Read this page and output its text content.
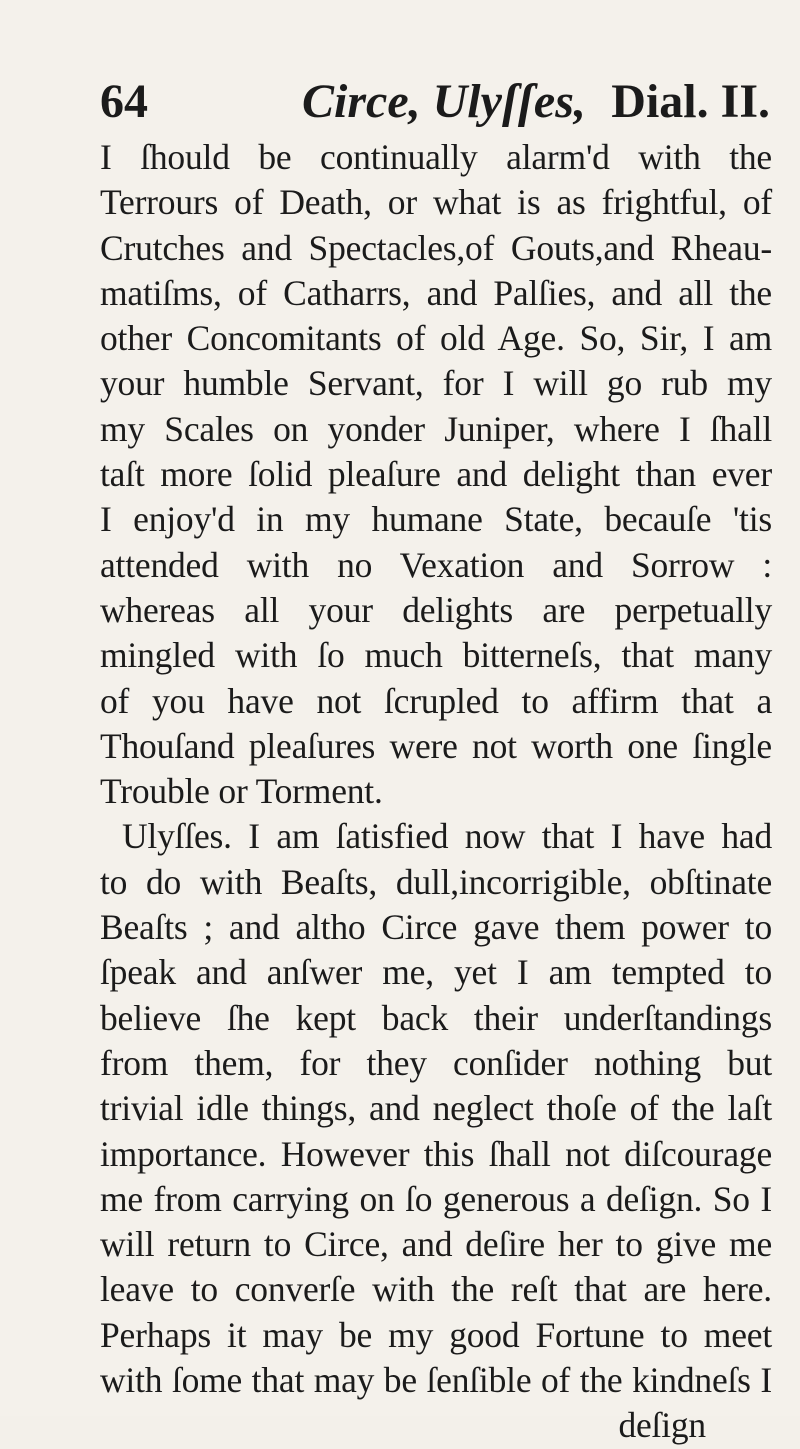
64	Circe, Ulyſſes, Dial. II.
I ſhould be continually alarm'd with the
Terrours of Death, or what is as frightful, of
Crutches and Spectacles,of Gouts,and Rheau-
matiſms, of Catharrs, and Palſies, and all the
other Concomitants of old Age. So, Sir, I am
your humble Servant, for I will go rub my
my Scales on yonder Juniper, where I ſhall
taſt more ſolid pleaſure and delight than ever
I enjoy'd in my humane State, becauſe 'tis
attended with no Vexation and Sorrow :
whereas all your delights are perpetually
mingled with ſo much bitterneſs, that many
of you have not ſcrupled to affirm that a
Thouſand pleaſures were not worth one ſingle
Trouble or Torment.
Ulyſſes. I am ſatisfied now that I have had
to do with Beaſts, dull,incorrigible, obſtinate
Beaſts ; and altho Circe gave them power to
ſpeak and anſwer me, yet I am tempted to
believe ſhe kept back their underſtandings
from them, for they conſider nothing but
trivial idle things, and neglect thoſe of the laſt
importance. However this ſhall not diſcourage
me from carrying on ſo generous a deſign. So I
will return to Circe, and deſire her to give me
leave to converſe with the reſt that are here.
Perhaps it may be my good Fortune to meet
with ſome that may be ſenſible of the kindneſs I
deſign
